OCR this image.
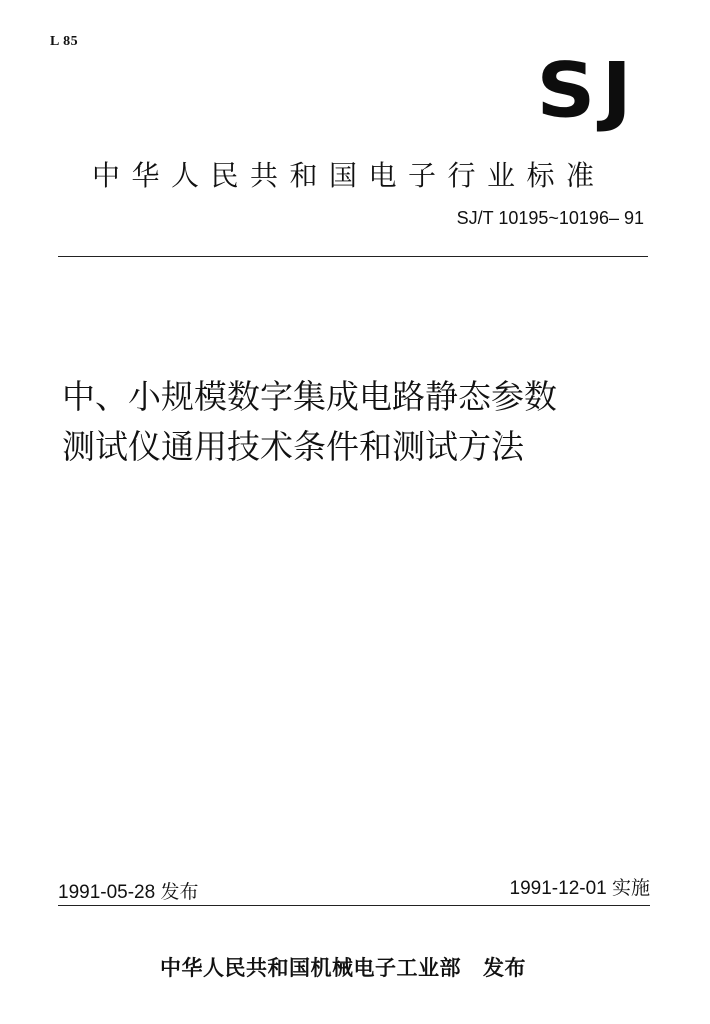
L 85
SJ
中华人民共和国电子行业标准
SJ/T 10195~10196– 91
中、小规模数字集成电路静态参数
测试仪通用技术条件和测试方法
1991-05-28 发布	1991-12-01 实施
中华人民共和国机械电子工业部 发布
